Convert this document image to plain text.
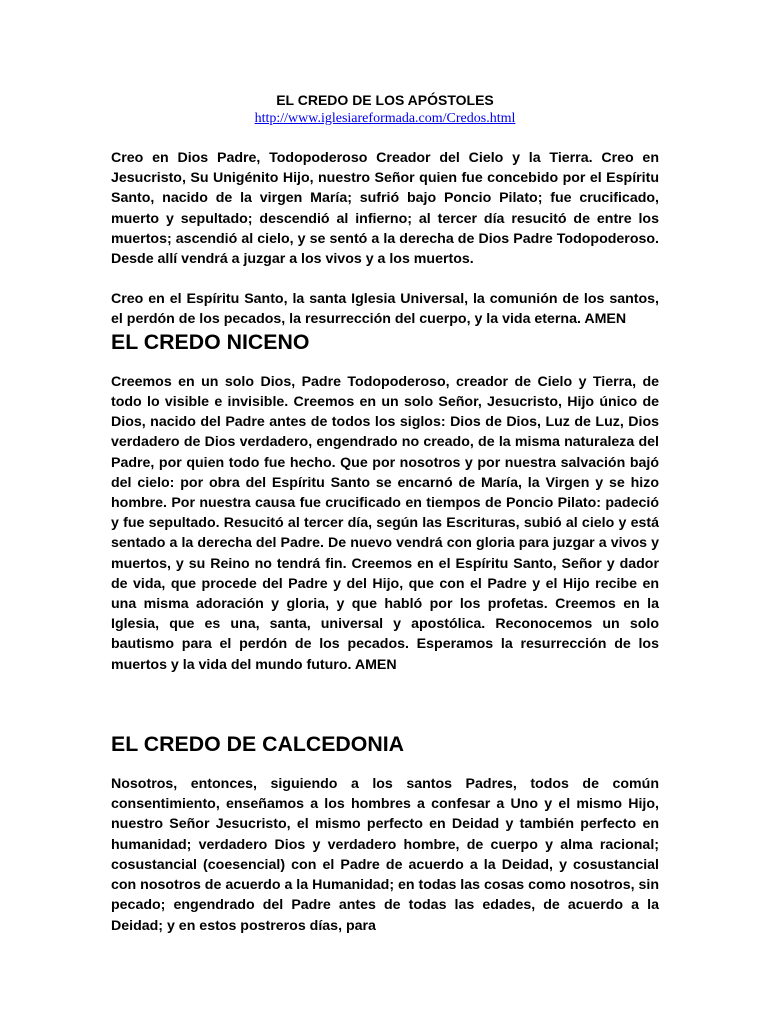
EL CREDO DE LOS APÓSTOLES
http://www.iglesiareformada.com/Credos.html

Creo en Dios Padre, Todopoderoso Creador del Cielo y la Tierra. Creo en Jesucristo, Su Unigénito Hijo, nuestro Señor quien fue concebido por el Espíritu Santo, nacido de la virgen María; sufrió bajo Poncio Pilato; fue crucificado, muerto y sepultado; descendió al infierno; al tercer día resucitó de entre los muertos; ascendió al cielo, y se sentó a la derecha de Dios Padre Todopoderoso. Desde allí vendrá a juzgar a los vivos y a los muertos.

Creo en el Espíritu Santo, la santa Iglesia Universal, la comunión de los santos, el perdón de los pecados, la resurrección del cuerpo, y la vida eterna. AMEN

EL CREDO NICENO

Creemos en un solo Dios, Padre Todopoderoso, creador de Cielo y Tierra, de todo lo visible e invisible. Creemos en un solo Señor, Jesucristo, Hijo único de Dios, nacido del Padre antes de todos los siglos: Dios de Dios, Luz de Luz, Dios verdadero de Dios verdadero, engendrado no creado, de la misma naturaleza del Padre, por quien todo fue hecho. Que por nosotros y por nuestra salvación bajó del cielo: por obra del Espíritu Santo se encarnó de María, la Virgen y se hizo hombre. Por nuestra causa fue crucificado en tiempos de Poncio Pilato: padeció y fue sepultado. Resucitó al tercer día, según las Escrituras, subió al cielo y está sentado a la derecha del Padre. De nuevo vendrá con gloria para juzgar a vivos y muertos, y su Reino no tendrá fin. Creemos en el Espíritu Santo, Señor y dador de vida, que procede del Padre y del Hijo, que con el Padre y el Hijo recibe en una misma adoración y gloria, y que habló por los profetas. Creemos en la Iglesia, que es una, santa, universal y apostólica. Reconocemos un solo bautismo para el perdón de los pecados. Esperamos la resurrección de los muertos y la vida del mundo futuro. AMEN

EL CREDO DE CALCEDONIA

Nosotros, entonces, siguiendo a los santos Padres, todos de común consentimiento, enseñamos a los hombres a confesar a Uno y el mismo Hijo, nuestro Señor Jesucristo, el mismo perfecto en Deidad y también perfecto en humanidad; verdadero Dios y verdadero hombre, de cuerpo y alma racional; cosustancial (coesencial) con el Padre de acuerdo a la Deidad, y cosustancial con nosotros de acuerdo a la Humanidad; en todas las cosas como nosotros, sin pecado; engendrado del Padre antes de todas las edades, de acuerdo a la Deidad; y en estos postreros días, para
